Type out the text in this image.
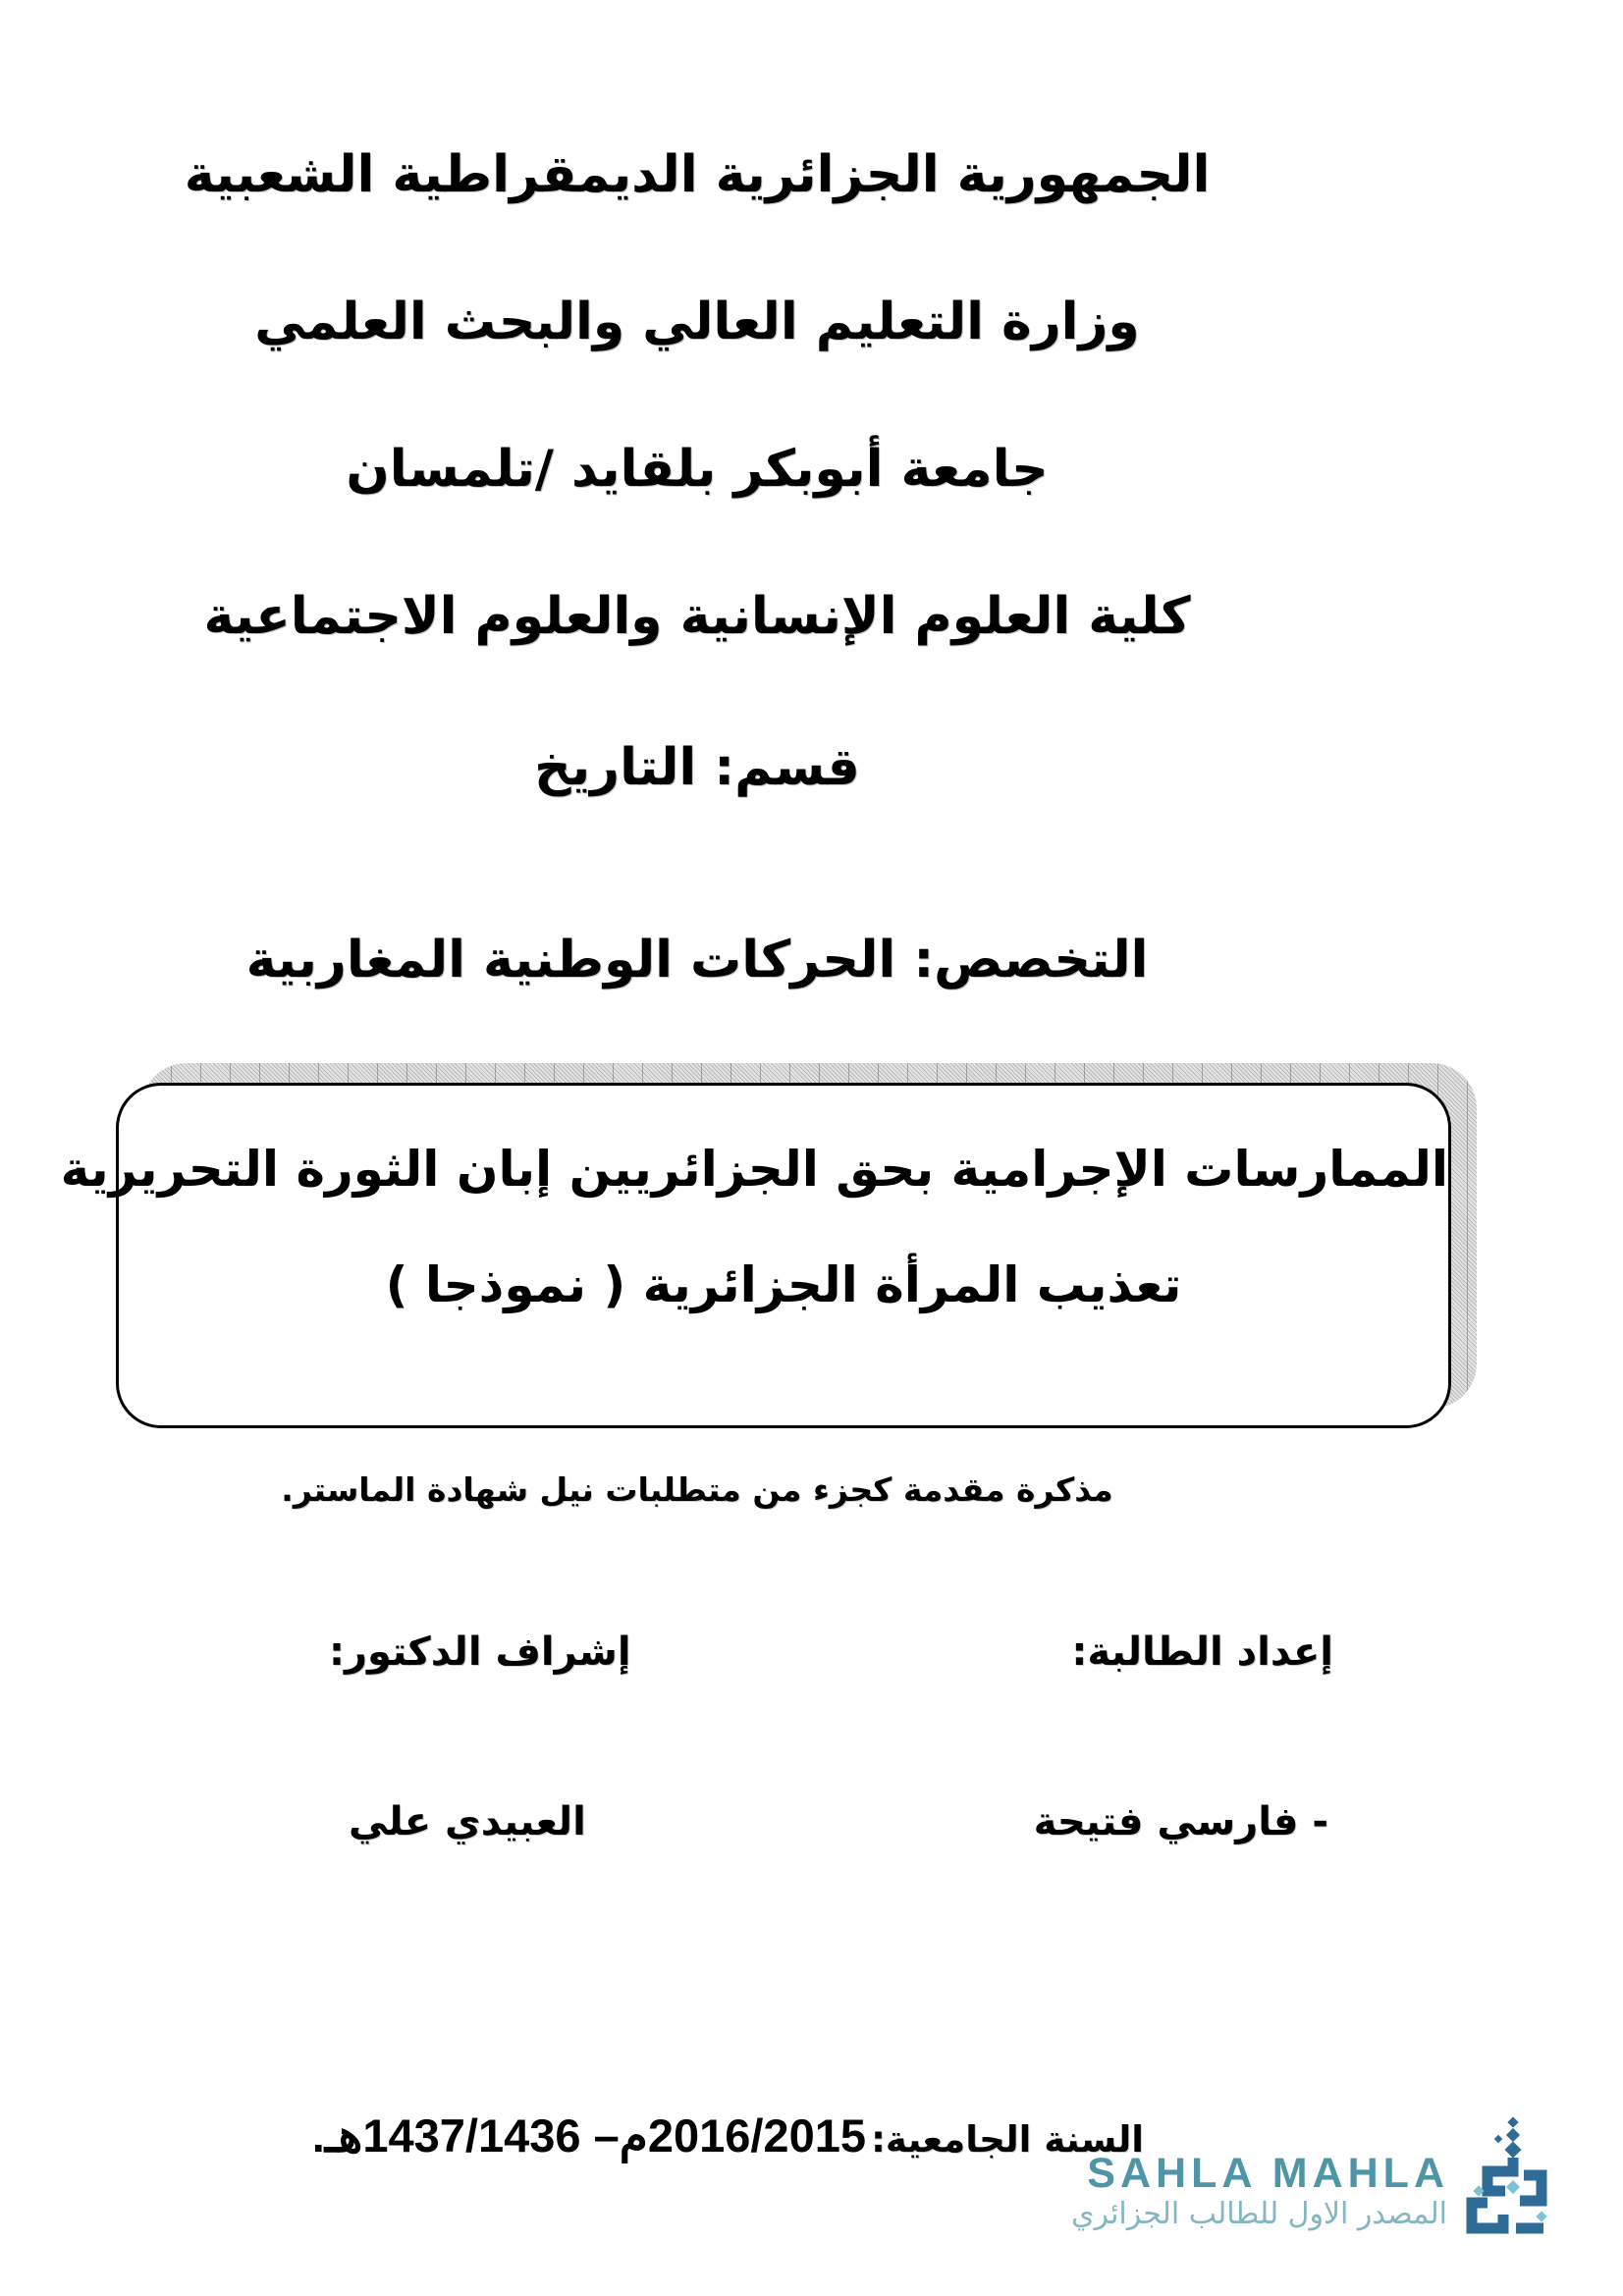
الجمهورية الجزائرية الديمقراطية الشعبية
وزارة التعليم العالي والبحث العلمي
جامعة أبوبكر بلقايد /تلمسان
كلية العلوم الإنسانية والعلوم الاجتماعية
قسم: التاريخ
التخصص: الحركات الوطنية المغاربية
الممارسات الإجرامية بحق الجزائريين إبان الثورة التحريرية
تعذيب المرأة الجزائرية ( نموذجا )
مذكرة مقدمة كجزء من متطلبات نيل شهادة الماستر.
إعداد الطالبة:
إشراف الدكتور:
- فارسي فتيحة
العبيدي علي
السنة الجامعية: 2016/2015م– 1437/1436هـ.
SAHLA MAHLA
المصدر الاول للطالب الجزائري
